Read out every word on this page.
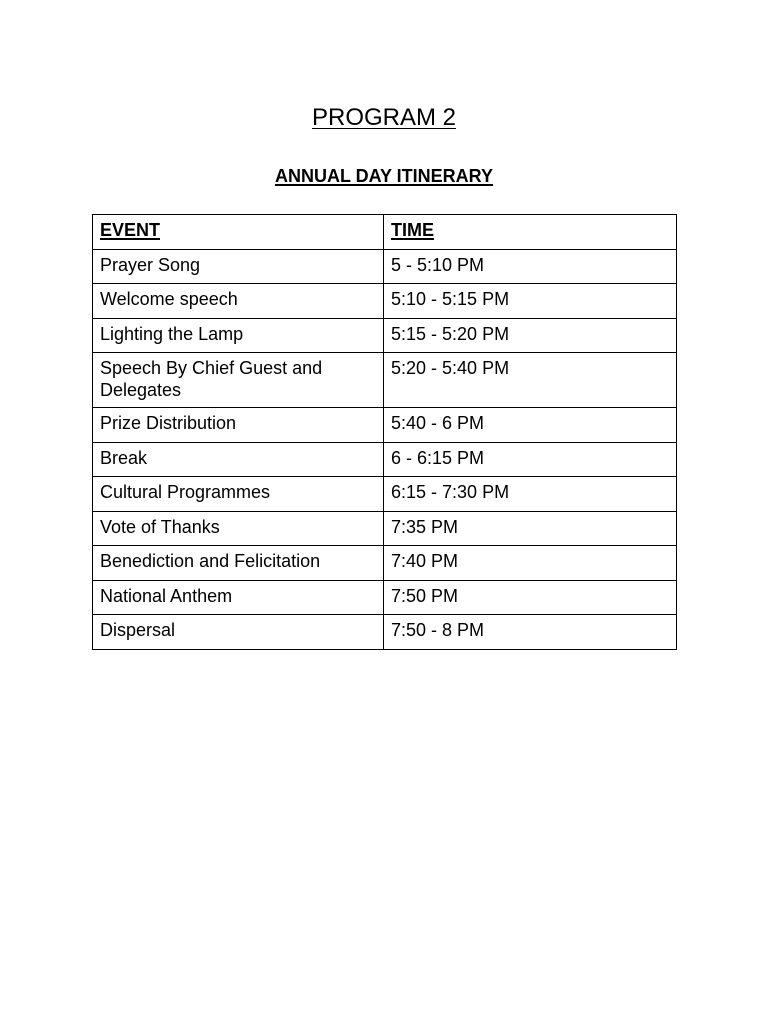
PROGRAM 2
ANNUAL DAY ITINERARY
EVENT	TIME
Prayer Song	5 - 5:10 PM
Welcome speech	5:10 - 5:15 PM
Lighting the Lamp	5:15 - 5:20 PM
Speech By Chief Guest and Delegates	5:20 - 5:40 PM
Prize Distribution	5:40 - 6 PM
Break	6 - 6:15 PM
Cultural Programmes	6:15 - 7:30 PM
Vote of Thanks	7:35 PM
Benediction and Felicitation	7:40 PM
National Anthem	7:50 PM
Dispersal	7:50 - 8 PM
